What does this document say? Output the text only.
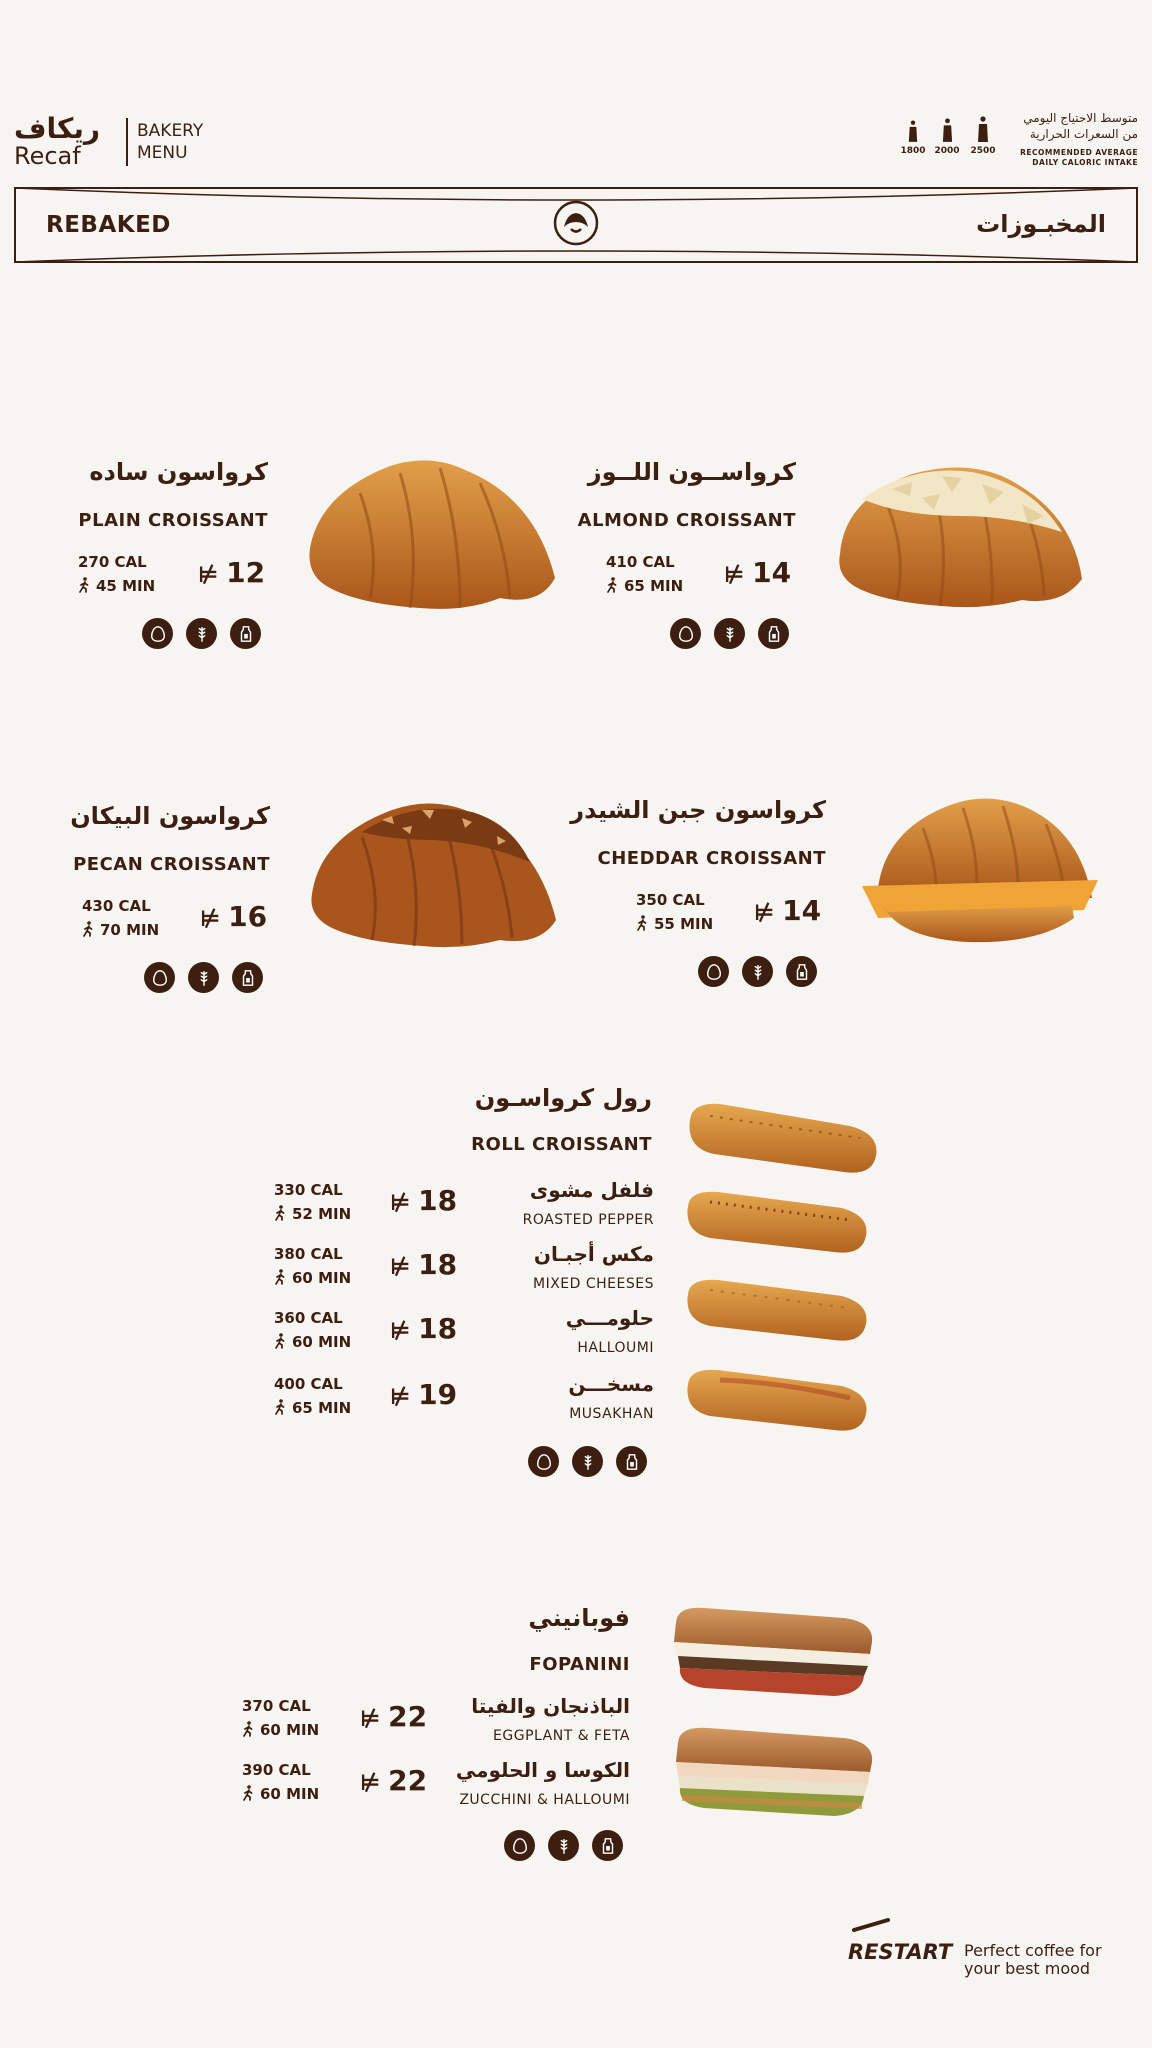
ريكاف
Recaf
BAKERY
MENU	1800 2000 2500
متوسط الاحتياج اليومي
من السعرات الحرارية
RECOMMENDED AVERAGE
DAILY CALORIC INTAKE
REBAKED	المخبـوزات
كرواسون ساده
PLAIN CROISSANT
270 CAL
45 MIN ⊭ 12
كرواســون اللــوز
ALMOND CROISSANT
410 CAL
65 MIN ⊭ 14
كرواسون البيكان
PECAN CROISSANT
430 CAL
70 MIN ⊭ 16
كرواسون جبن الشيدر
CHEDDAR CROISSANT
350 CAL
55 MIN ⊭ 14
رول كرواسـون
ROLL CROISSANT
330 CAL
52 MIN ⊭ 18	فلفل مشوى
ROASTED PEPPER
380 CAL
60 MIN ⊭ 18	مكس أجبـان
MIXED CHEESES
360 CAL
60 MIN ⊭ 18	حلومـــي
HALLOUMI
400 CAL
65 MIN ⊭ 19	مسخـــن
MUSAKHAN
فوبانيني
FOPANINI
370 CAL
60 MIN ⊭ 22 الباذنجان والفيتا
EGGPLANT & FETA
390 CAL
60 MIN ⊭ 22 الكوسا و الحلومي
ZUCCHINI & HALLOUMI
RESTART Perfect coffee for
your best mood
